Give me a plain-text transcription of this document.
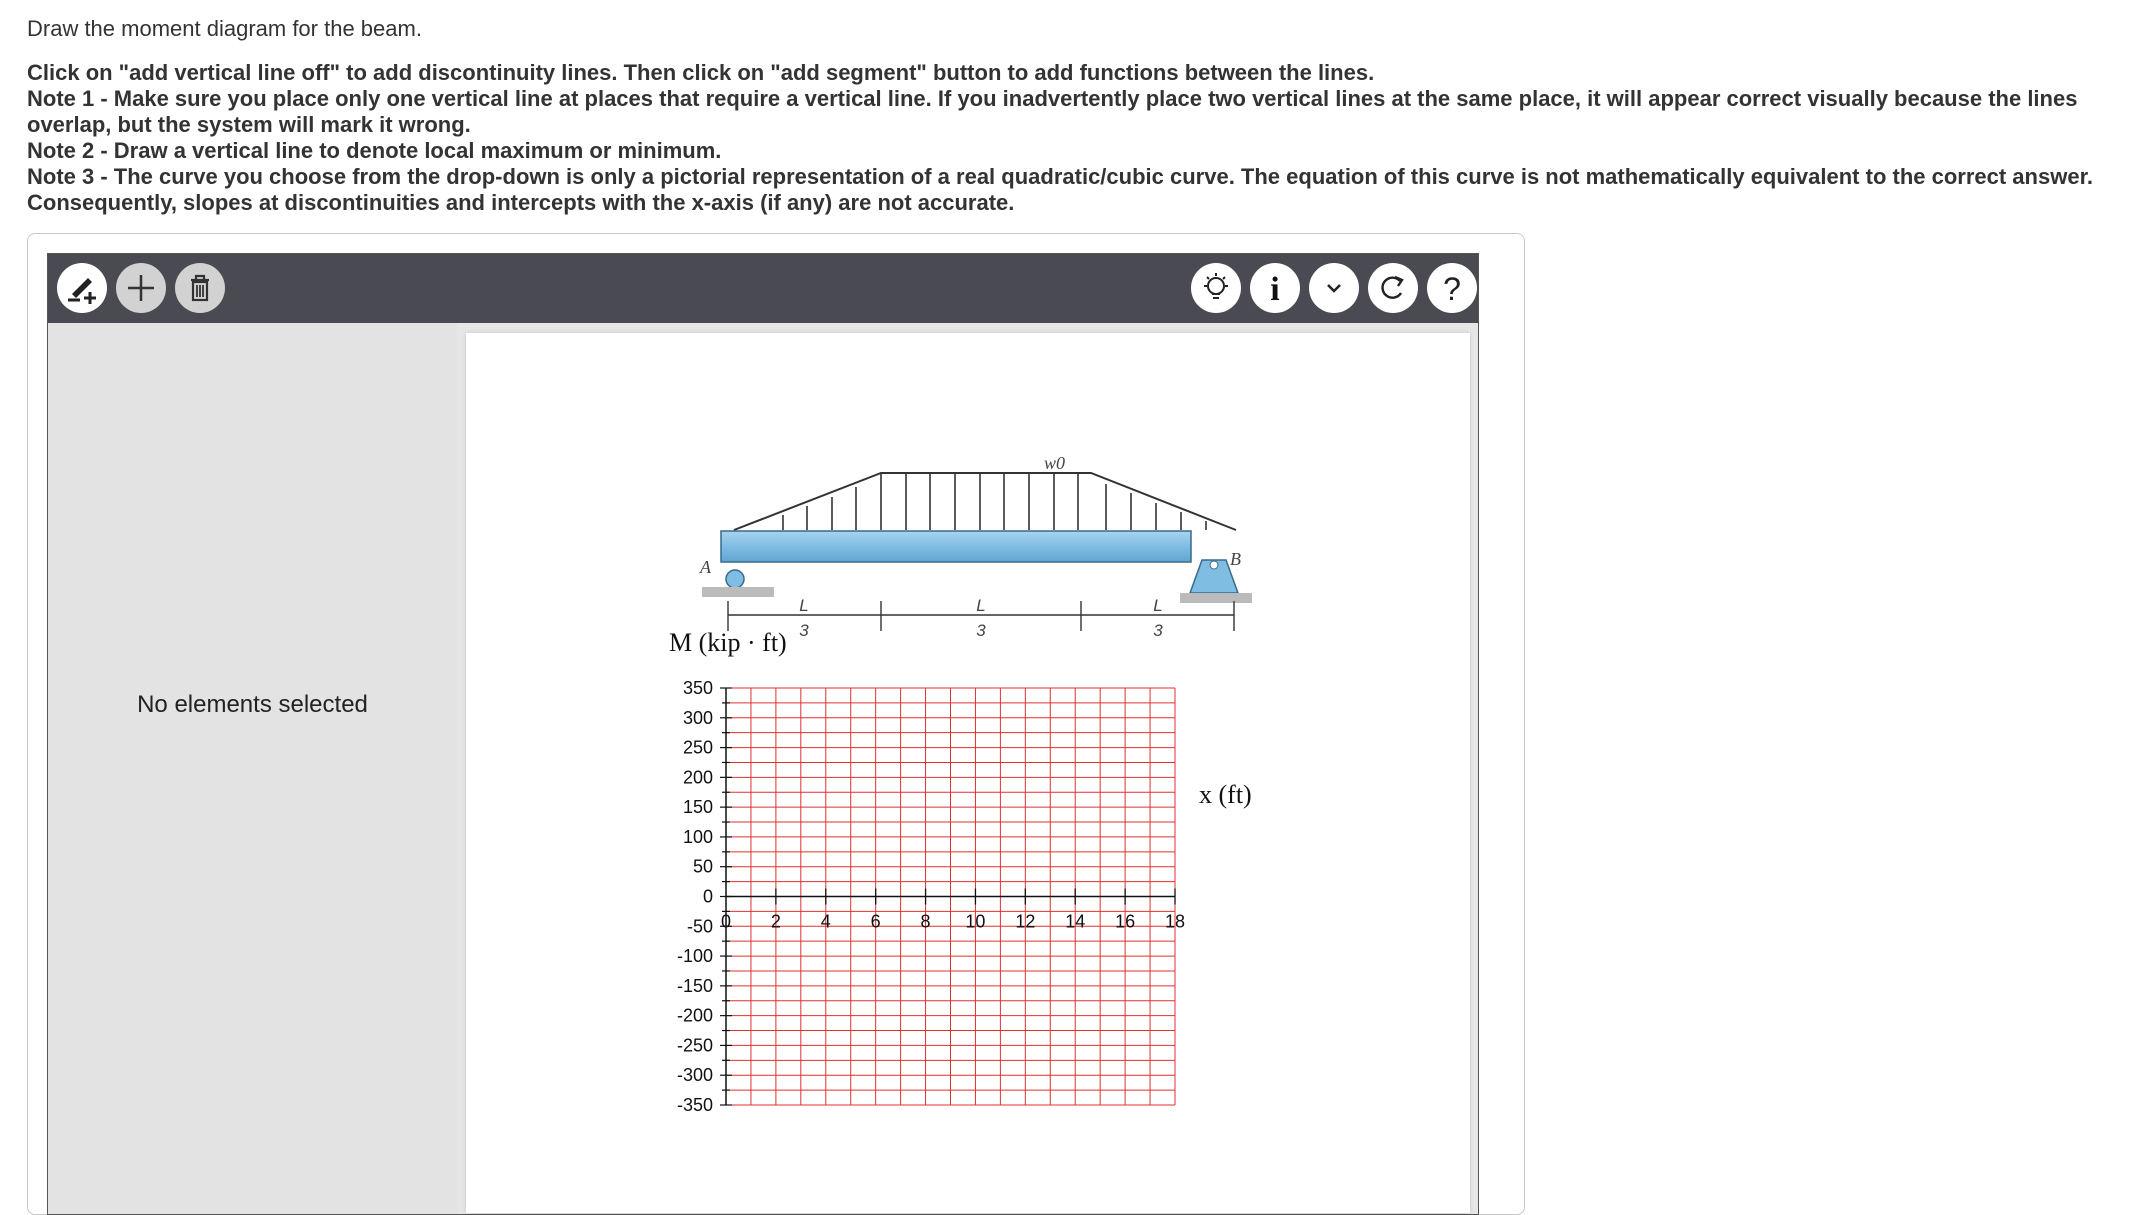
Draw the moment diagram for the beam.
Click on "add vertical line off" to add discontinuity lines. Then click on "add segment" button to add functions between the lines.
Note 1 - Make sure you place only one vertical line at places that require a vertical line. If you inadvertently place two vertical lines at the same place, it will appear correct visually because the lines overlap, but the system will mark it wrong.
Note 2 - Draw a vertical line to denote local maximum or minimum.
Note 3 - The curve you choose from the drop-down is only a pictorial representation of a real quadratic/cubic curve. The equation of this curve is not mathematically equivalent to the correct answer. Consequently, slopes at discontinuities and intercepts with the x-axis (if any) are not accurate.
i	?
No elements selected
w0
A	B
L
3
L
3
L
3
M (kip · ft)
x (ft)
350
300
250
200
150
100
50
0
-50
-100
-150
-200
-250
-300
-350
0 2 4 6 8 10 12 14 16 18
